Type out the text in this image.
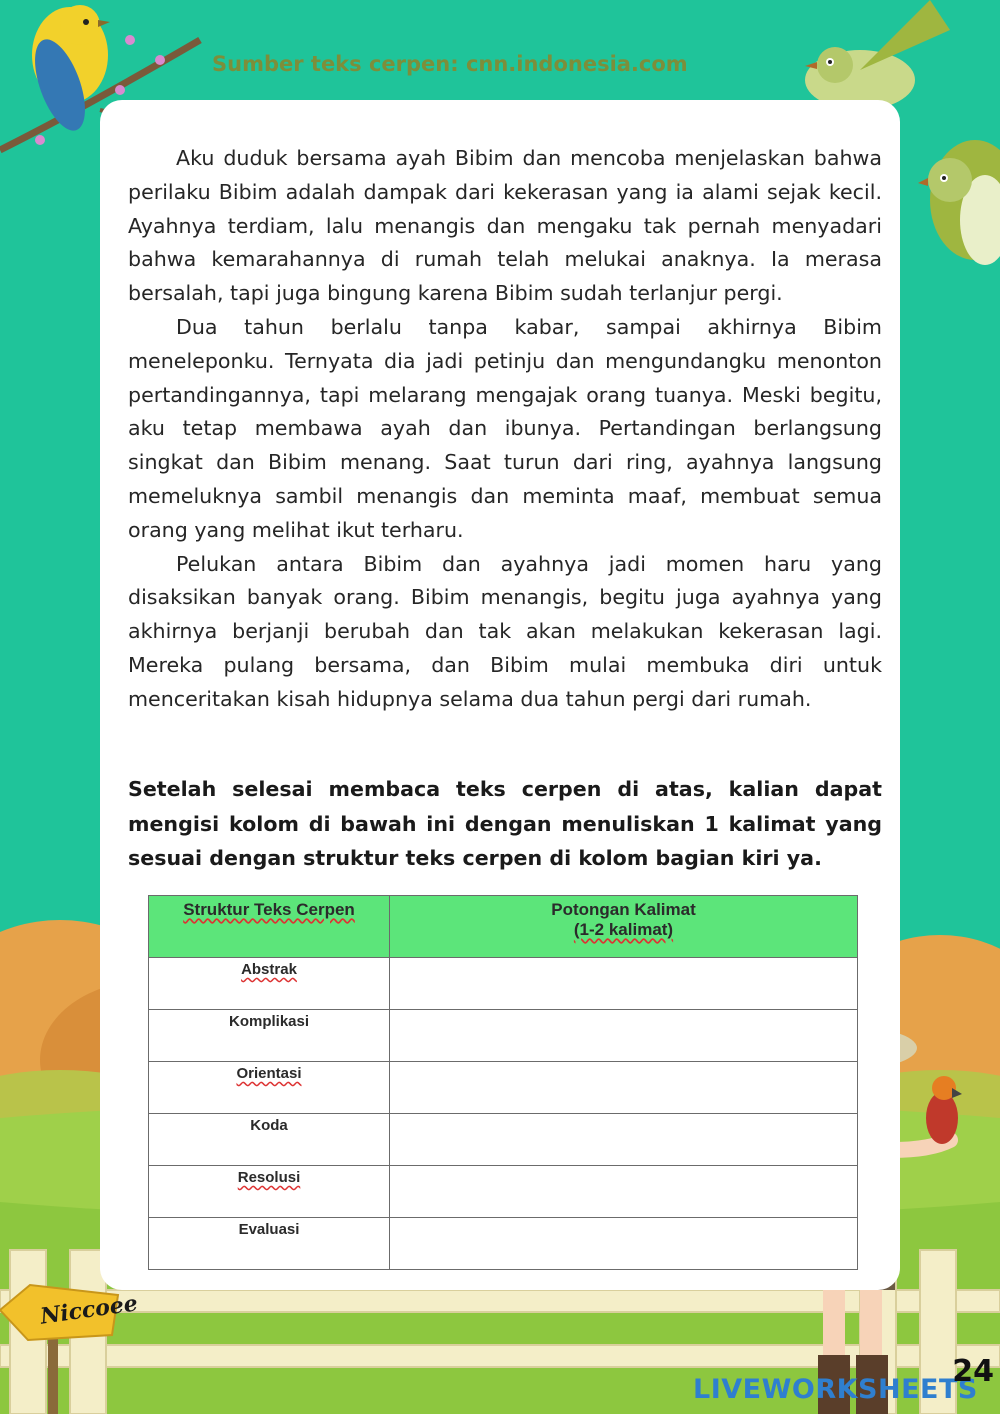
Sumber teks cerpen: cnn.indonesia.com

Aku duduk bersama ayah Bibim dan mencoba menjelaskan bahwa perilaku Bibim adalah dampak dari kekerasan yang ia alami sejak kecil. Ayahnya terdiam, lalu menangis dan mengaku tak pernah menyadari bahwa kemarahannya di rumah telah melukai anaknya. Ia merasa bersalah, tapi juga bingung karena Bibim sudah terlanjur pergi.

Dua tahun berlalu tanpa kabar, sampai akhirnya Bibim meneleponku. Ternyata dia jadi petinju dan mengundangku menonton pertandingannya, tapi melarang mengajak orang tuanya. Meski begitu, aku tetap membawa ayah dan ibunya. Pertandingan berlangsung singkat dan Bibim menang. Saat turun dari ring, ayahnya langsung memeluknya sambil menangis dan meminta maaf, membuat semua orang yang melihat ikut terharu.

Pelukan antara Bibim dan ayahnya jadi momen haru yang disaksikan banyak orang. Bibim menangis, begitu juga ayahnya yang akhirnya berjanji berubah dan tak akan melakukan kekerasan lagi. Mereka pulang bersama, dan Bibim mulai membuka diri untuk menceritakan kisah hidupnya selama dua tahun pergi dari rumah.

Setelah selesai membaca teks cerpen di atas, kalian dapat mengisi kolom di bawah ini dengan menuliskan 1 kalimat yang sesuai dengan struktur teks cerpen di kolom bagian kiri ya.

Struktur Teks Cerpen	Potongan Kalimat
(1-2 kalimat)

Abstrak	
Komplikasi	
Orientasi	
Koda	
Resolusi	
Evaluasi	

Niccoee

LIVEWORKSHEETS

24
